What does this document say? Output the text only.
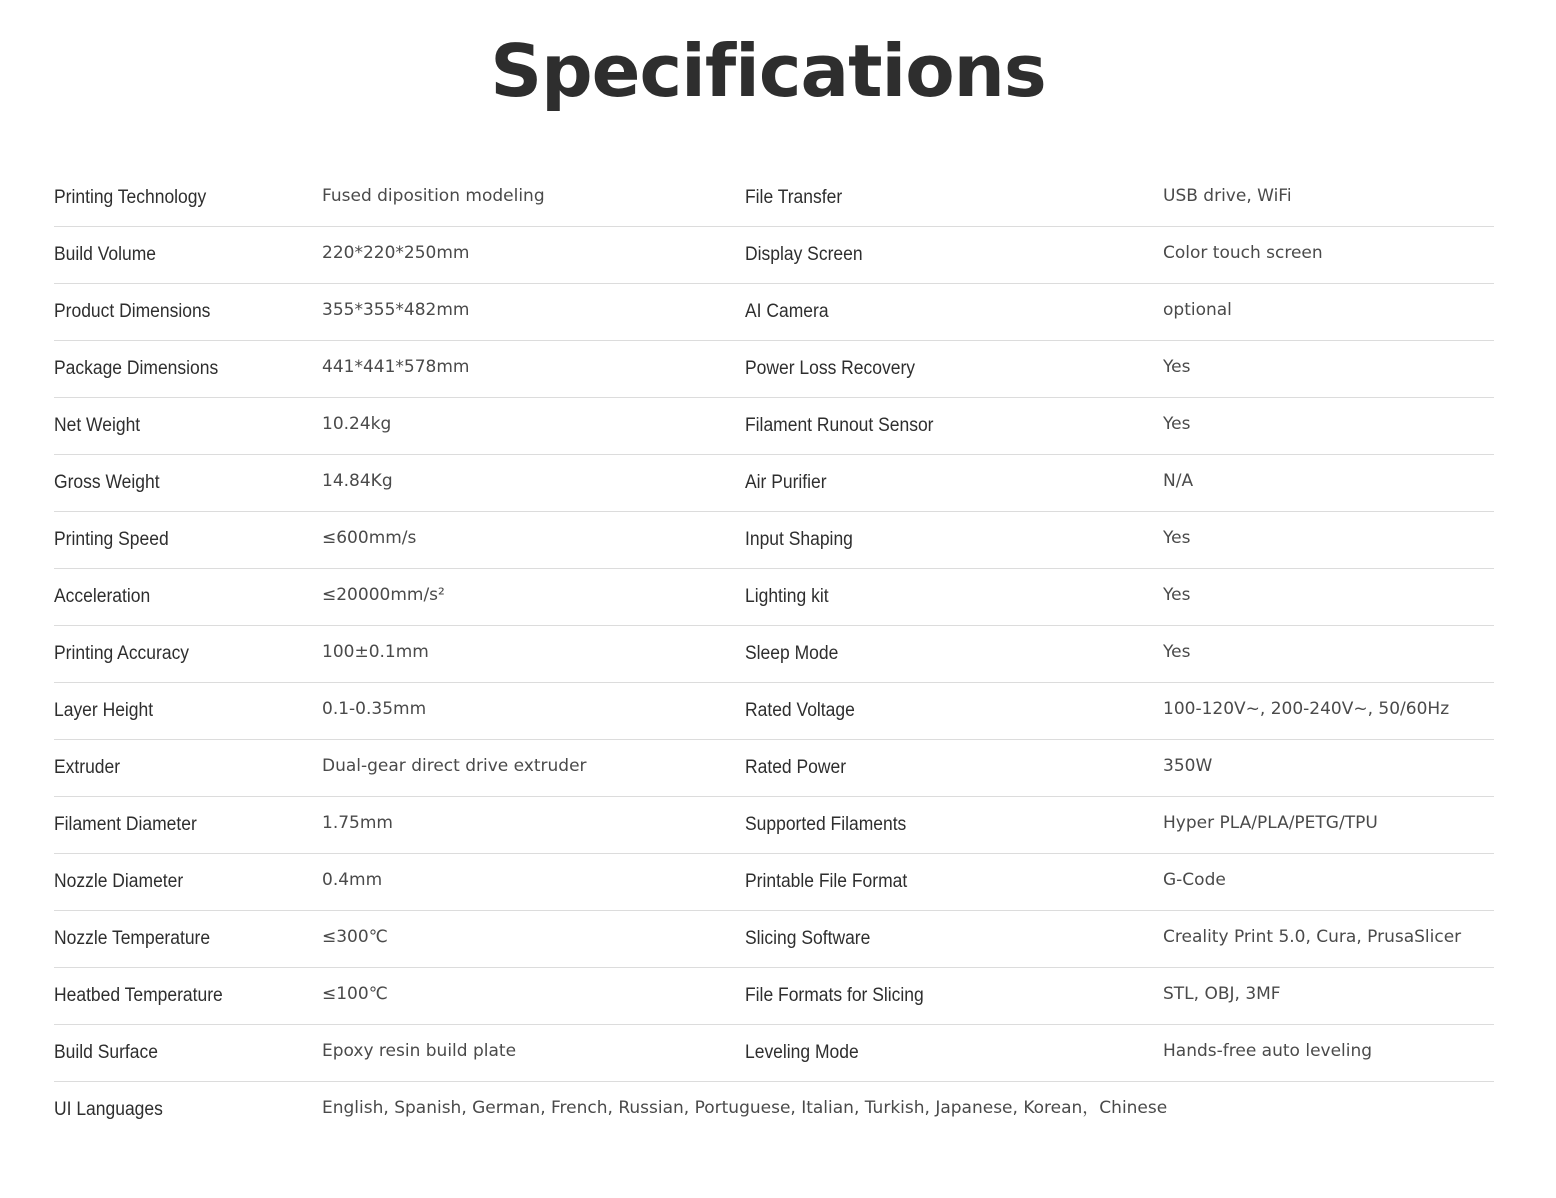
Specifications
Printing Technology	Fused diposition modeling	File Transfer	USB drive, WiFi
Build Volume	220*220*250mm	Display Screen	Color touch screen
Product Dimensions	355*355*482mm	AI Camera	optional
Package Dimensions	441*441*578mm	Power Loss Recovery	Yes
Net Weight	10.24kg	Filament Runout Sensor	Yes
Gross Weight	14.84Kg	Air Purifier	N/A
Printing Speed	≤600mm/s	Input Shaping	Yes
Acceleration	≤20000mm/s²	Lighting kit	Yes
Printing Accuracy	100±0.1mm	Sleep Mode	Yes
Layer Height	0.1-0.35mm	Rated Voltage	100-120V~, 200-240V~, 50/60Hz
Extruder	Dual-gear direct drive extruder	Rated Power	350W
Filament Diameter	1.75mm	Supported Filaments	Hyper PLA/PLA/PETG/TPU
Nozzle Diameter	0.4mm	Printable File Format	G-Code
Nozzle Temperature	≤300℃	Slicing Software	Creality Print 5.0, Cura, PrusaSlicer
Heatbed Temperature	≤100℃	File Formats for Slicing	STL, OBJ, 3MF
Build Surface	Epoxy resin build plate	Leveling Mode	Hands-free auto leveling
UI Languages	English, Spanish, German, French, Russian, Portuguese, Italian, Turkish, Japanese, Korean，Chinese
